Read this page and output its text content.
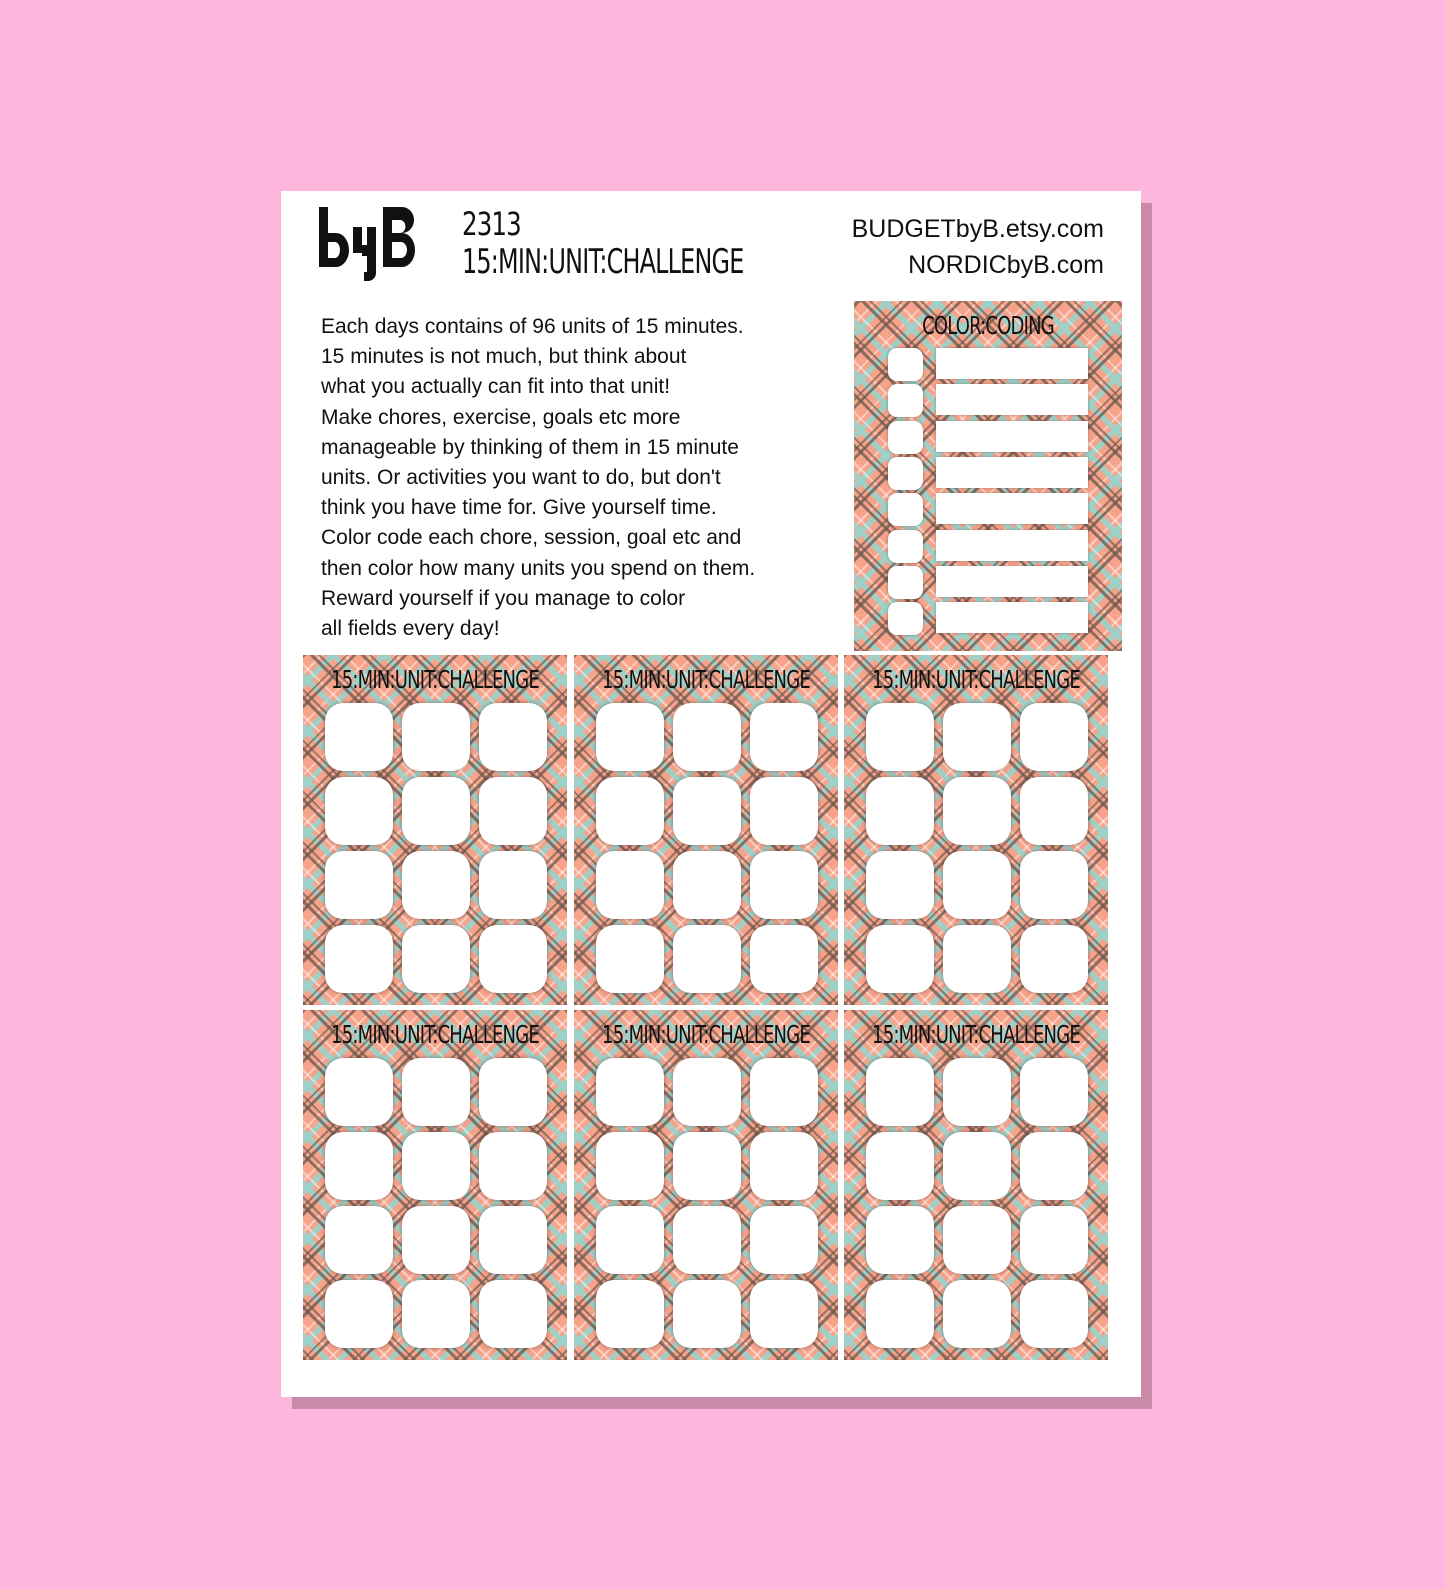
2313
15:MIN:UNIT:CHALLENGE
BUDGETbyB.etsy.com
NORDICbyB.com
Each days contains of 96 units of 15 minutes.
15 minutes is not much, but think about
what you actually can fit into that unit!
Make chores, exercise, goals etc more
manageable by thinking of them in 15 minute
units. Or activities you want to do, but don't
think you have time for. Give yourself time.
Color code each chore, session, goal etc and
then color how many units you spend on them.
Reward yourself if you manage to color
all fields every day!
COLOR:CODING
15:MIN:UNIT:CHALLENGE	15:MIN:UNIT:CHALLENGE 15:MIN:UNIT:CHALLENGE
15:MIN:UNIT:CHALLENGE	15:MIN:UNIT:CHALLENGE 15:MIN:UNIT:CHALLENGE
